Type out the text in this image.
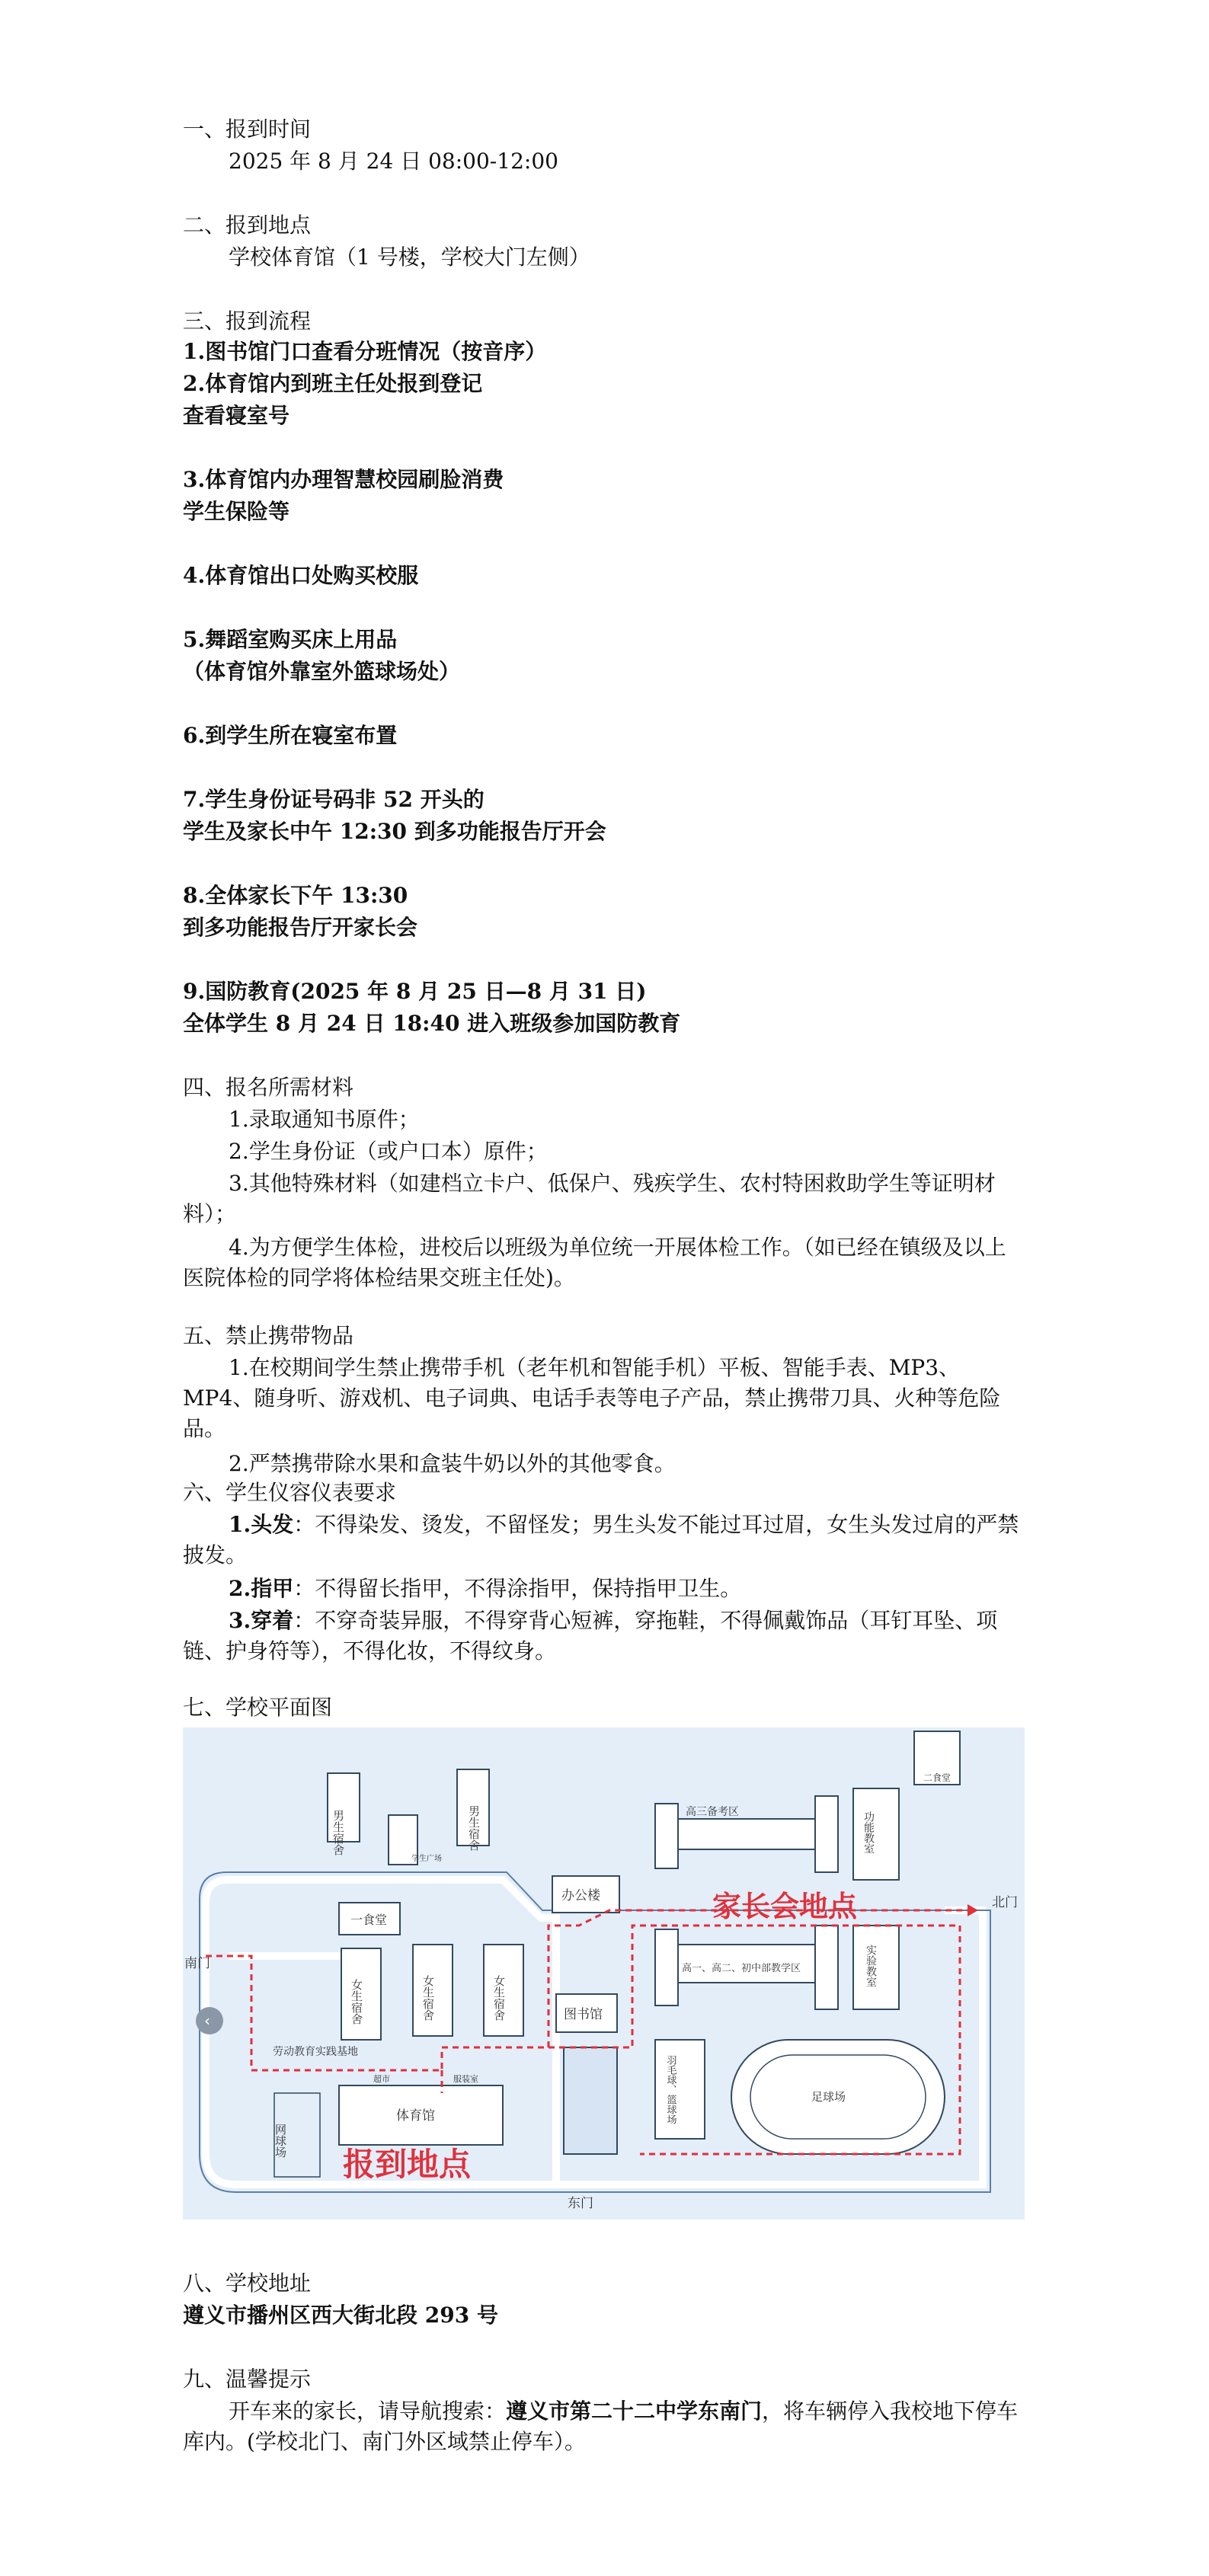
一、报到时间
2025 年 8 月 24 日 08:00-12:00
二、报到地点
学校体育馆（1 号楼，学校大门左侧）
三、报到流程
1.图书馆门口查看分班情况（按音序）
2.体育馆内到班主任处报到登记
查看寝室号
3.体育馆内办理智慧校园刷脸消费
学生保险等
4.体育馆出口处购买校服
5.舞蹈室购买床上用品
（体育馆外靠室外篮球场处）
6.到学生所在寝室布置
7.学生身份证号码非 52 开头的
学生及家长中午 12:30 到多功能报告厅开会
8.全体家长下午 13:30
到多功能报告厅开家长会
9.国防教育(2025 年 8 月 25 日—8 月 31 日)
全体学生 8 月 24 日 18:40 进入班级参加国防教育
四、报名所需材料
1.录取通知书原件；
2.学生身份证（或户口本）原件；
3.其他特殊材料（如建档立卡户、低保户、残疾学生、农村特困救助学生等证明材料）；
4.为方便学生体检，进校后以班级为单位统一开展体检工作。（如已经在镇级及以上医院体检的同学将体检结果交班主任处)。
五、禁止携带物品
1.在校期间学生禁止携带手机（老年机和智能手机）平板、智能手表、MP3、MP4、随身听、游戏机、电子词典、电话手表等电子产品，禁止携带刀具、火种等危险品。
2.严禁携带除水果和盒装牛奶以外的其他零食。
六、学生仪容仪表要求
1.头发：不得染发、烫发，不留怪发；男生头发不能过耳过眉，女生头发过肩的严禁披发。
2.指甲：不得留长指甲，不得涂指甲，保持指甲卫生。
3.穿着：不穿奇装异服，不得穿背心短裤，穿拖鞋，不得佩戴饰品（耳钉耳坠、项链、护身符等），不得化妆，不得纹身。
七、学校平面图
男生宿舍	男生宿舍
一食堂
女生宿舍	女生宿舍	女生宿舍
办公楼
图书馆
体育馆
超市	服装室
学生广场
高三备考区
高一、高二、初中部教学区
功能教室
实验教室
二食堂
羽毛球、篮球场	足球场
劳动教育实践基地
网球场
南门
北门
东门
家长会地点
报到地点
‹
八、学校地址
遵义市播州区西大街北段 293 号
九、温馨提示
开车来的家长，请导航搜索：遵义市第二十二中学东南门，将车辆停入我校地下停车库内。(学校北门、南门外区域禁止停车）。
